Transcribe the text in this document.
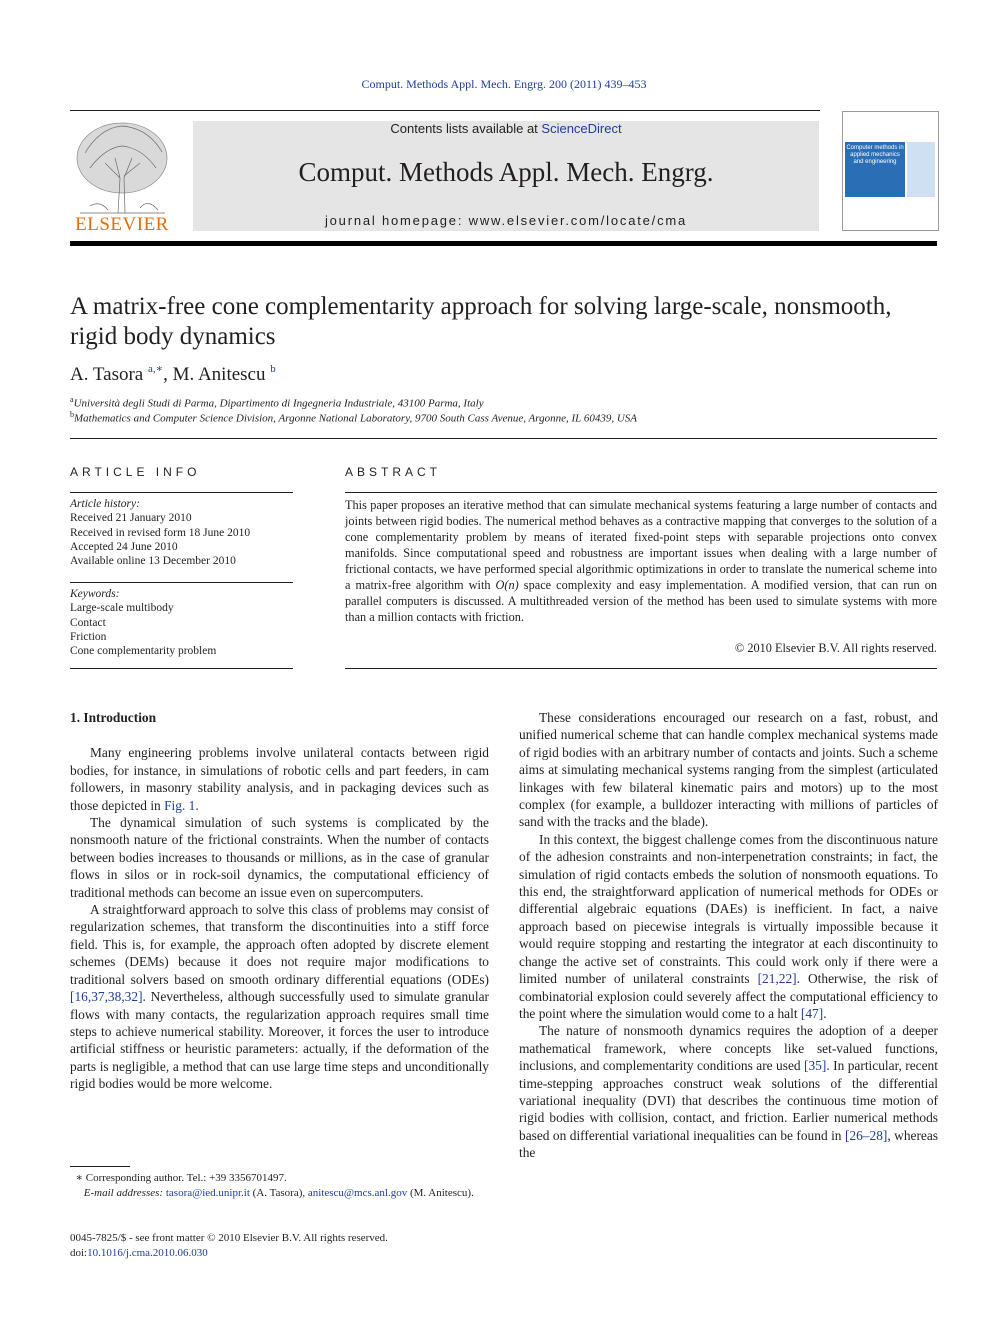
Comput. Methods Appl. Mech. Engrg. 200 (2011) 439–453
ELSEVIER
Contents lists available at ScienceDirect
Comput. Methods Appl. Mech. Engrg.
journal homepage: www.elsevier.com/locate/cma
Computer methods in applied mechanics and engineering
A matrix-free cone complementarity approach for solving large-scale, nonsmooth, rigid body dynamics
A. Tasora $^{a,∗}$, M. Anitescu $^b$
$^a$Università degli Studi di Parma, Dipartimento di Ingegneria Industriale, 43100 Parma, Italy
$^b$Mathematics and Computer Science Division, Argonne National Laboratory, 9700 South Cass Avenue, Argonne, IL 60439, USA
ARTICLE INFO
Article history:
Received 21 January 2010
Received in revised form 18 June 2010
Accepted 24 June 2010
Available online 13 December 2010
Keywords:
Large-scale multibody
Contact
Friction
Cone complementarity problem
ABSTRACT
This paper proposes an iterative method that can simulate mechanical systems featuring a large number of contacts and joints between rigid bodies. The numerical method behaves as a contractive mapping that converges to the solution of a cone complementarity problem by means of iterated fixed-point steps with separable projections onto convex manifolds. Since computational speed and robustness are important issues when dealing with a large number of frictional contacts, we have performed special algorithmic optimizations in order to translate the numerical scheme into a matrix-free algorithm with O(n) space complexity and easy implementation. A modified version, that can run on parallel computers is discussed. A multithreaded version of the method has been used to simulate systems with more than a million contacts with friction.
© 2010 Elsevier B.V. All rights reserved.

1. Introduction

Many engineering problems involve unilateral contacts between rigid bodies, for instance, in simulations of robotic cells and part feeders, in cam followers, in masonry stability analysis, and in packaging devices such as those depicted in Fig. 1.

The dynamical simulation of such systems is complicated by the nonsmooth nature of the frictional constraints. When the number of contacts between bodies increases to thousands or millions, as in the case of granular flows in silos or in rock-soil dynamics, the computational efficiency of traditional methods can become an issue even on supercomputers.

A straightforward approach to solve this class of problems may consist of regularization schemes, that transform the discontinuities into a stiff force field. This is, for example, the approach often adopted by discrete element schemes (DEMs) because it does not require major modifications to traditional solvers based on smooth ordinary differential equations (ODEs) [16,37,38,32]. Nevertheless, although successfully used to simulate granular flows with many contacts, the regularization approach requires small time steps to achieve numerical stability. Moreover, it forces the user to introduce artificial stiffness or heuristic parameters: actually, if the deformation of the parts is negligible, a method that can use large time steps and unconditionally rigid bodies would be more welcome.

These considerations encouraged our research on a fast, robust, and unified numerical scheme that can handle complex mechanical systems made of rigid bodies with an arbitrary number of contacts and joints. Such a scheme aims at simulating mechanical systems ranging from the simplest (articulated linkages with few bilateral kinematic pairs and motors) up to the most complex (for example, a bulldozer interacting with millions of particles of sand with the tracks and the blade).

In this context, the biggest challenge comes from the discontinuous nature of the adhesion constraints and non-interpenetration constraints; in fact, the simulation of rigid contacts embeds the solution of nonsmooth equations. To this end, the straightforward application of numerical methods for ODEs or differential algebraic equations (DAEs) is inefficient. In fact, a naive approach based on piecewise integrals is virtually impossible because it would require stopping and restarting the integrator at each discontinuity to change the active set of constraints. This could work only if there were a limited number of unilateral constraints [21,22]. Otherwise, the risk of combinatorial explosion could severely affect the computational efficiency to the point where the simulation would come to a halt [47].

The nature of nonsmooth dynamics requires the adoption of a deeper mathematical framework, where concepts like set-valued functions, inclusions, and complementarity conditions are used [35]. In particular, recent time-stepping approaches construct weak solutions of the differential variational inequality (DVI) that describes the continuous time motion of rigid bodies with collision, contact, and friction. Earlier numerical methods based on differential variational inequalities can be found in [26–28], whereas the

∗ Corresponding author. Tel.: +39 3356701497.
E-mail addresses: tasora@ied.unipr.it (A. Tasora), anitescu@mcs.anl.gov (M. Anitescu).
0045-7825/$ - see front matter © 2010 Elsevier B.V. All rights reserved.
doi:10.1016/j.cma.2010.06.030
